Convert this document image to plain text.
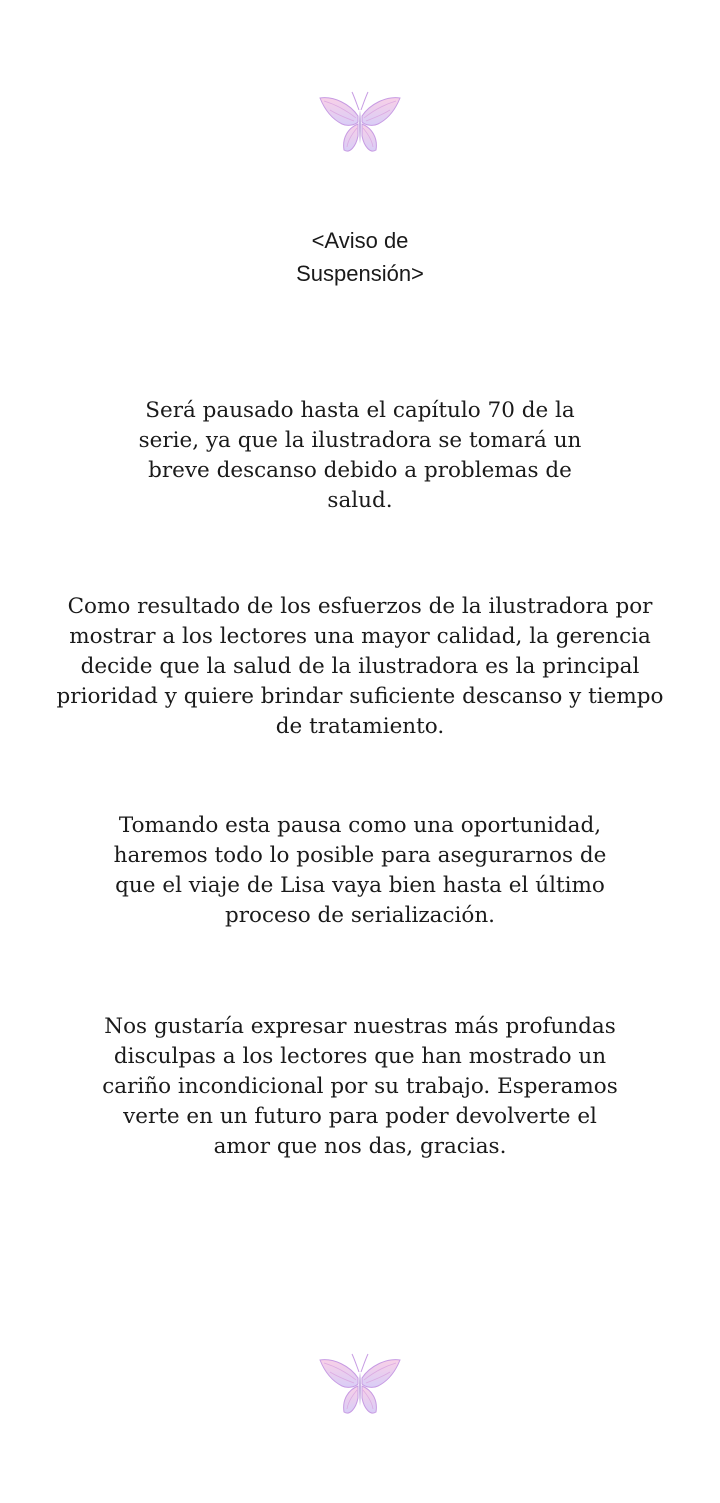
<Aviso de
Suspensión>

Será pausado hasta el capítulo 70 de la
serie, ya que la ilustradora se tomará un
breve descanso debido a problemas de
salud.

Como resultado de los esfuerzos de la ilustradora por
mostrar a los lectores una mayor calidad, la gerencia
decide que la salud de la ilustradora es la principal
prioridad y quiere brindar suficiente descanso y tiempo
de tratamiento.

Tomando esta pausa como una oportunidad,
haremos todo lo posible para asegurarnos de
que el viaje de Lisa vaya bien hasta el último
proceso de serialización.

Nos gustaría expresar nuestras más profundas
disculpas a los lectores que han mostrado un
cariño incondicional por su trabajo. Esperamos
verte en un futuro para poder devolverte el
amor que nos das, gracias.
